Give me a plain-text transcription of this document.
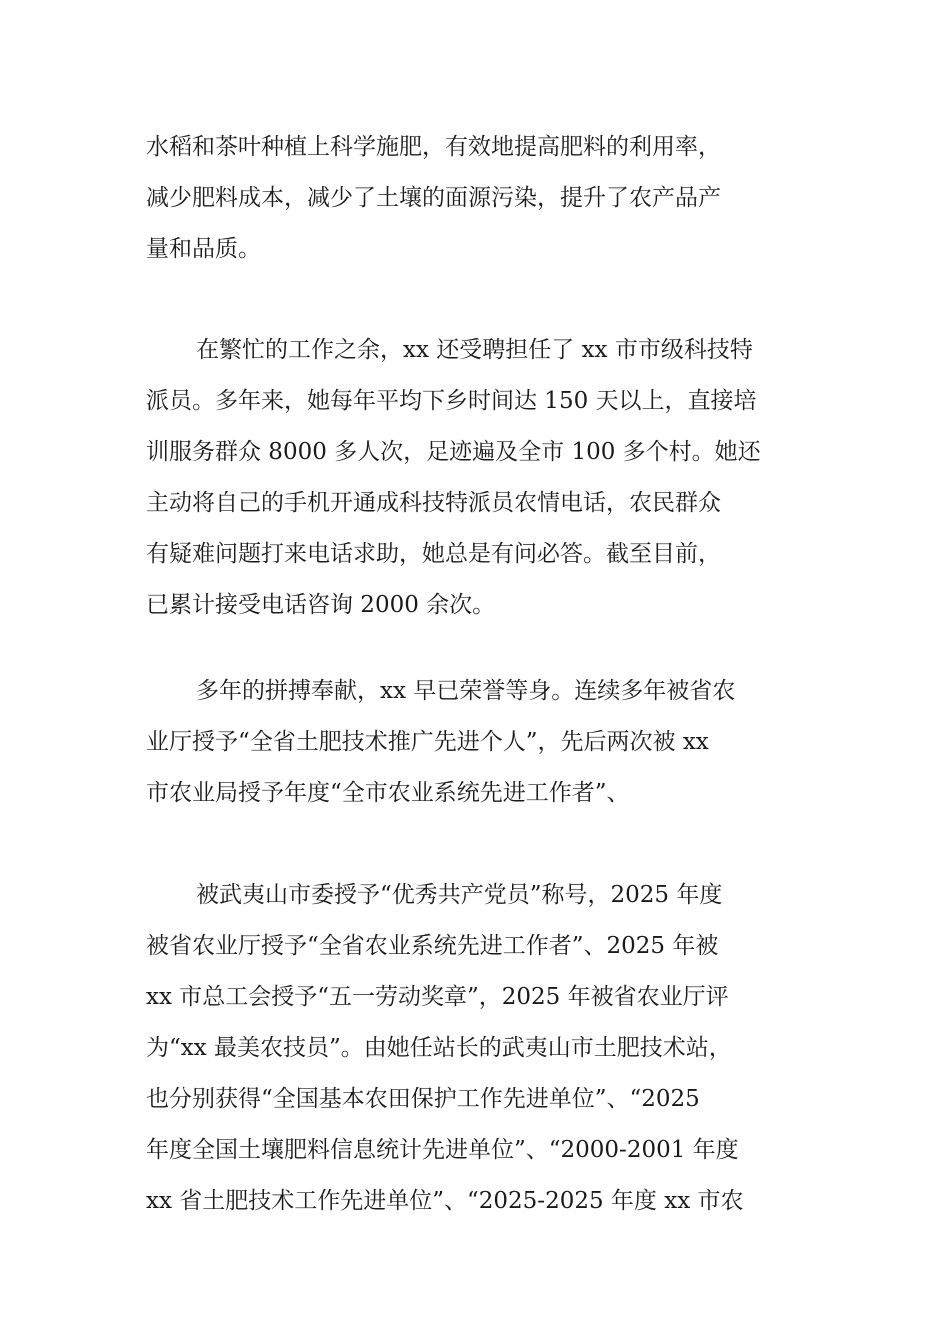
水稻和茶叶种植上科学施肥，有效地提高肥料的利用率，
减少肥料成本，减少了土壤的面源污染，提升了农产品产
量和品质。
在繁忙的工作之余，xx 还受聘担任了 xx 市市级科技特
派员。多年来，她每年平均下乡时间达 150 天以上，直接培
训服务群众 8000 多人次，足迹遍及全市 100 多个村。她还
主动将自己的手机开通成科技特派员农情电话，农民群众
有疑难问题打来电话求助，她总是有问必答。截至目前，
已累计接受电话咨询 2000 余次。
多年的拼搏奉献，xx 早已荣誉等身。连续多年被省农
业厅授予“全省土肥技术推广先进个人”，先后两次被 xx
市农业局授予年度“全市农业系统先进工作者”、
被武夷山市委授予“优秀共产党员”称号，2025 年度
被省农业厅授予“全省农业系统先进工作者”、2025 年被
xx 市总工会授予“五一劳动奖章”，2025 年被省农业厅评
为“xx 最美农技员”。由她任站长的武夷山市土肥技术站，
也分别获得“全国基本农田保护工作先进单位”、“2025
年度全国土壤肥料信息统计先进单位”、“2000-2001 年度
xx 省土肥技术工作先进单位”、“2025-2025 年度 xx 市农
